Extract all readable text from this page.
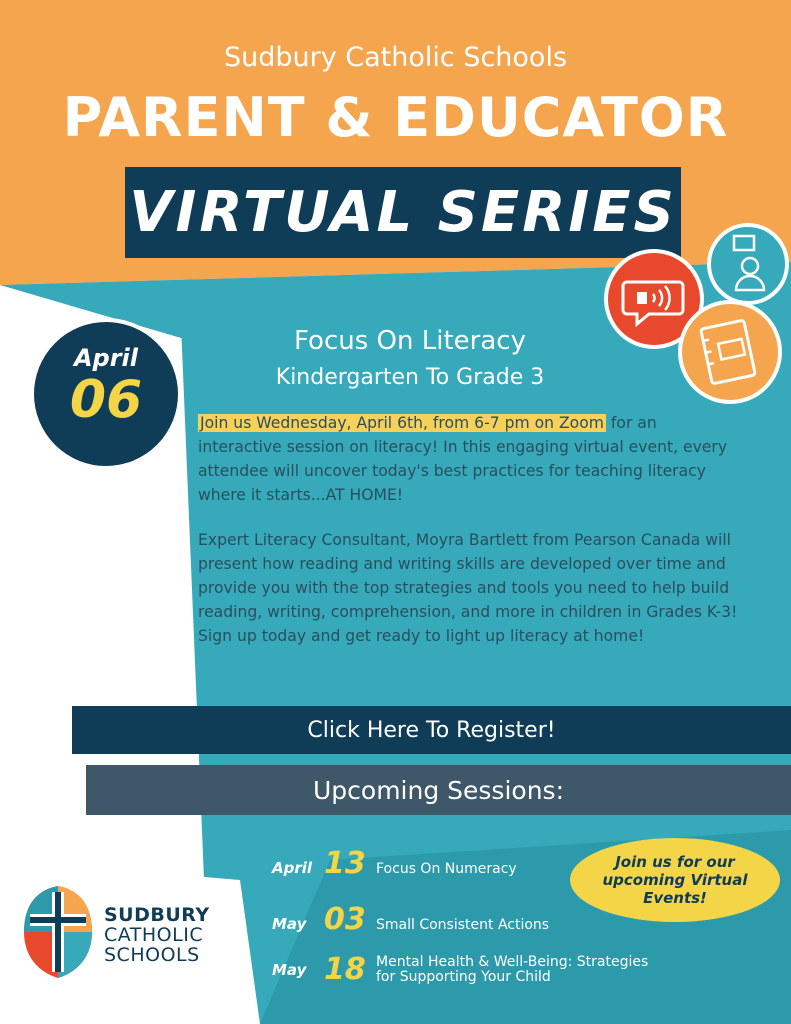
Sudbury Catholic Schools
PARENT & EDUCATOR
VIRTUAL SERIES
April
06
Focus On Literacy
Kindergarten To Grade 3
Join us Wednesday, April 6th, from 6-7 pm on Zoom for an interactive session on literacy! In this engaging virtual event, every attendee will uncover today's best practices for teaching literacy where it starts...AT HOME!
Expert Literacy Consultant, Moyra Bartlett from Pearson Canada will present how reading and writing skills are developed over time and provide you with the top strategies and tools you need to help build reading, writing, comprehension, and more in children in Grades K-3! Sign up today and get ready to light up literacy at home!
Click Here To Register!
Upcoming Sessions:
April 13 Focus On Numeracy
May 03 Small Consistent Actions
May 18 Mental Health & Well-Being: Strategies
for Supporting Your Child
Join us for our
upcoming Virtual
Events!
SUDBURY
CATHOLIC
SCHOOLS
